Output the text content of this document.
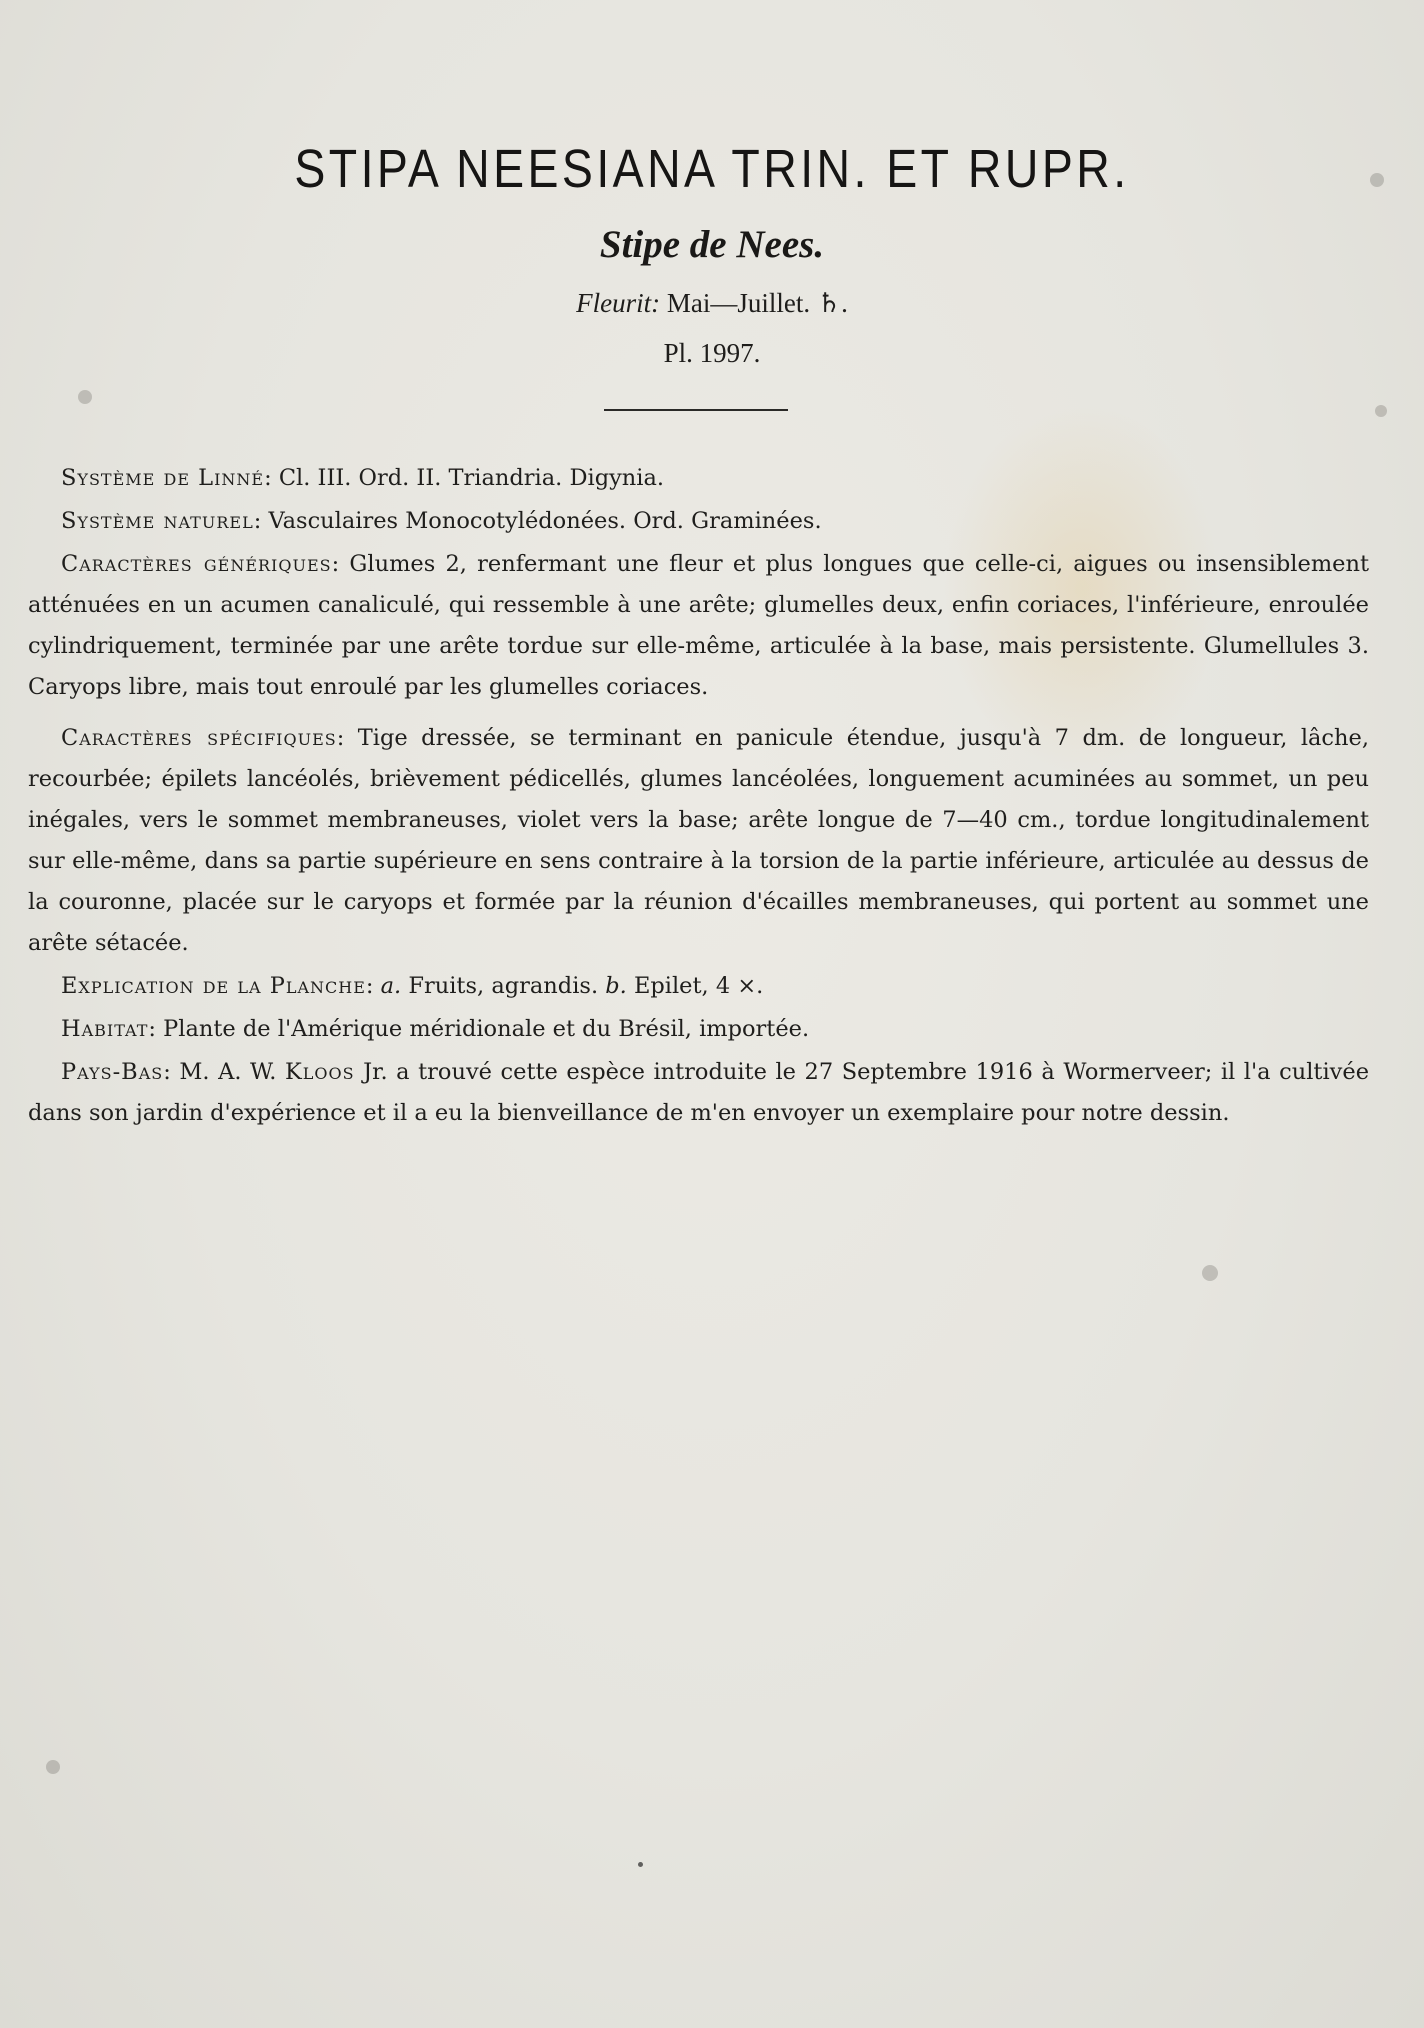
STIPA NEESIANA TRIN. ET RUPR.
Stipe de Nees.
Fleurit: Mai—Juillet. ♄.
Pl. 1997.

Système de Linné: Cl. III. Ord. II. Triandria. Digynia.

Système naturel: Vasculaires Monocotylédonées. Ord. Graminées.

Caractères génériques: Glumes 2, renfermant une fleur et plus longues que celle-ci, aigues ou insensiblement atténuées en un acumen canaliculé, qui ressemble à une arête; glumelles deux, enfin coriaces, l'inférieure, enroulée cylindriquement, terminée par une arête tordue sur elle-même, articulée à la base, mais persistente. Glumellules 3. Caryops libre, mais tout enroulé par les glumelles coriaces.

Caractères spécifiques: Tige dressée, se terminant en panicule étendue, jusqu'à 7 dm. de longueur, lâche, recourbée; épilets lancéolés, brièvement pédicellés, glumes lancéolées, longuement acuminées au sommet, un peu inégales, vers le sommet membraneuses, violet vers la base; arête longue de 7—40 cm., tordue longitudinalement sur elle-même, dans sa partie supérieure en sens contraire à la torsion de la partie inférieure, articulée au dessus de la couronne, placée sur le caryops et formée par la réunion d'écailles membraneuses, qui portent au sommet une arête sétacée.

Explication de la Planche: a. Fruits, agrandis. b. Epilet, 4 ×.

Habitat: Plante de l'Amérique méridionale et du Brésil, importée.

Pays-Bas: M. A. W. Kloos Jr. a trouvé cette espèce introduite le 27 Septembre 1916 à Wormerveer; il l'a cultivée dans son jardin d'expérience et il a eu la bienveillance de m'en envoyer un exemplaire pour notre dessin.
